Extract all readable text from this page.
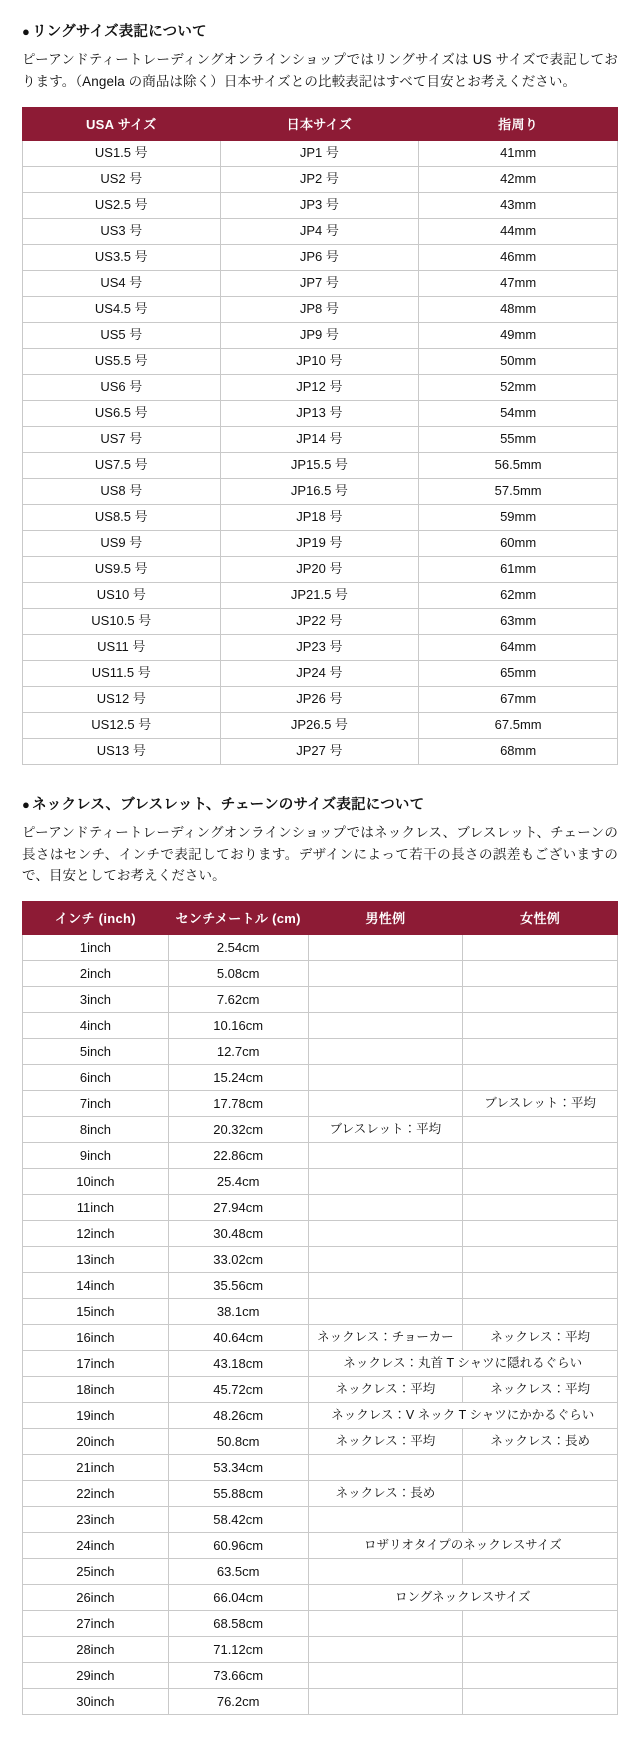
● リングサイズ表記について

ピーアンドティートレーディングオンラインショップではリングサイズは US サイズで表記しております。（Angela の商品は除く）日本サイズとの比較表記はすべて目安とお考えください。

USA サイズ	日本サイズ	指周り
US1.5 号	JP1 号	41mm
US2 号	JP2 号	42mm
US2.5 号	JP3 号	43mm
US3 号	JP4 号	44mm
US3.5 号	JP6 号	46mm
US4 号	JP7 号	47mm
US4.5 号	JP8 号	48mm
US5 号	JP9 号	49mm
US5.5 号	JP10 号	50mm
US6 号	JP12 号	52mm
US6.5 号	JP13 号	54mm
US7 号	JP14 号	55mm
US7.5 号	JP15.5 号	56.5mm
US8 号	JP16.5 号	57.5mm
US8.5 号	JP18 号	59mm
US9 号	JP19 号	60mm
US9.5 号	JP20 号	61mm
US10 号	JP21.5 号	62mm
US10.5 号	JP22 号	63mm
US11 号	JP23 号	64mm
US11.5 号	JP24 号	65mm
US12 号	JP26 号	67mm
US12.5 号	JP26.5 号	67.5mm
US13 号	JP27 号	68mm
● ネックレス、ブレスレット、チェーンのサイズ表記について

ピーアンドティートレーディングオンラインショップではネックレス、ブレスレット、チェーンの長さはセンチ、インチで表記しております。デザインによって若干の長さの誤差もございますので、目安としてお考えください。

インチ (inch)	センチメートル (cm)	男性例	女性例
1inch	2.54cm		
2inch	5.08cm		
3inch	7.62cm		
4inch	10.16cm		
5inch	12.7cm		
6inch	15.24cm		
7inch	17.78cm		ブレスレット：平均
8inch	20.32cm	ブレスレット：平均	
9inch	22.86cm		
10inch	25.4cm		
11inch	27.94cm		
12inch	30.48cm		
13inch	33.02cm		
14inch	35.56cm		
15inch	38.1cm		
16inch	40.64cm	ネックレス：チョーカー	ネックレス：平均
17inch	43.18cm	ネックレス：丸首 T シャツに隠れるぐらい	
18inch	45.72cm	ネックレス：平均	ネックレス：平均
19inch	48.26cm	ネックレス：V ネック T シャツにかかるぐらい	
20inch	50.8cm	ネックレス：平均	ネックレス：長め
21inch	53.34cm		
22inch	55.88cm	ネックレス：長め	
23inch	58.42cm		
24inch	60.96cm	ロザリオタイプのネックレスサイズ	
25inch	63.5cm		
26inch	66.04cm	ロングネックレスサイズ	
27inch	68.58cm		
28inch	71.12cm		
29inch	73.66cm		
30inch	76.2cm		
